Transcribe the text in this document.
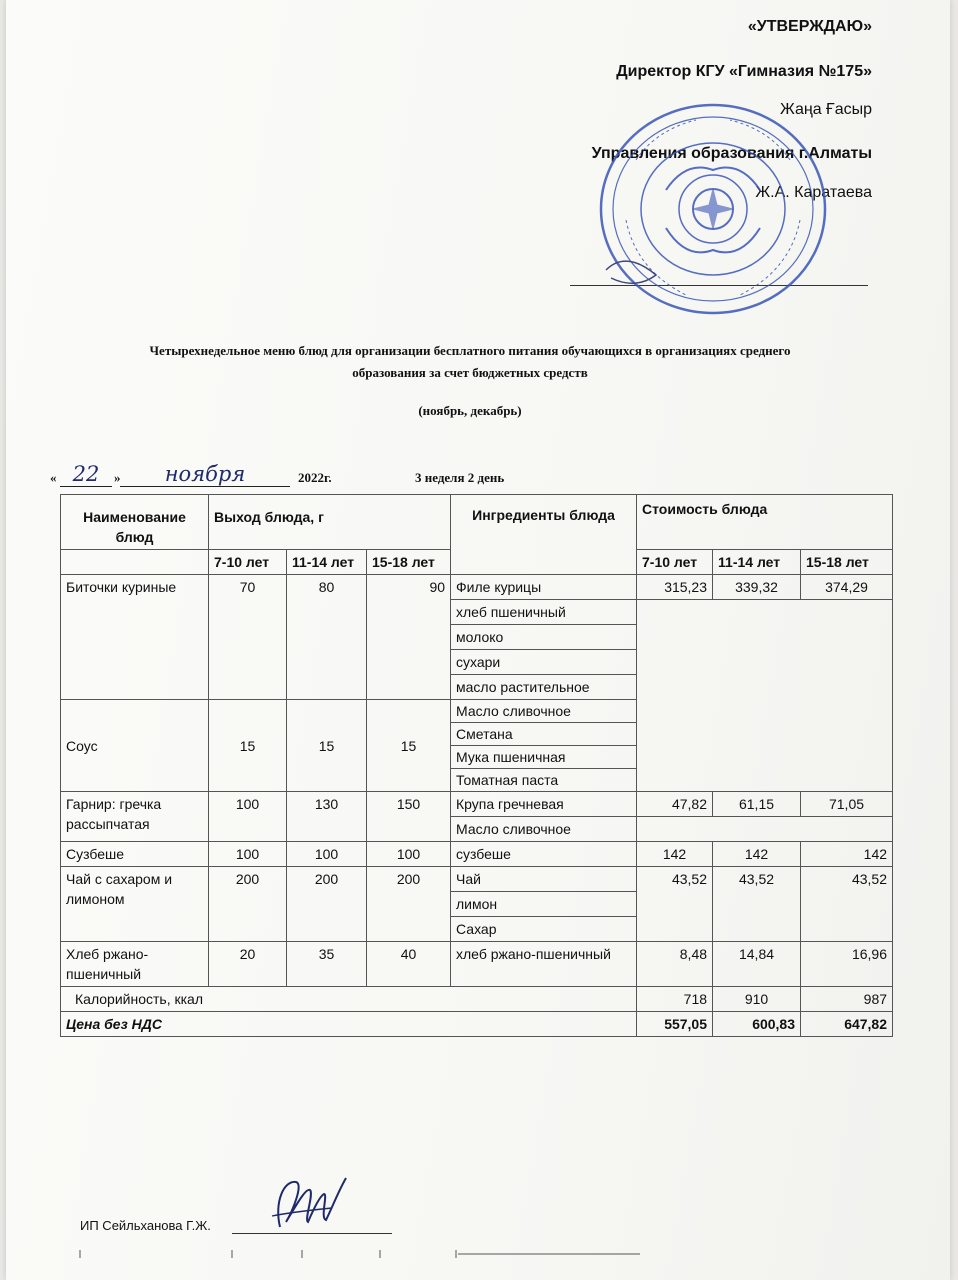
«УТВЕРЖДАЮ»
Директор КГУ «Гимназия №175»
Жаңа Ғасыр
Управления образования г.Алматы
Ж.А. Каратаева
Четырехнедельное меню блюд для организации бесплатного питания обучающихся в организациях среднего
образования за счет бюджетных средств
(ноябрь, декабрь)
« 22	»	ноября	2022г.	3 неделя 2 день
Наименование блюд	Выход блюда, г			Ингредиенты блюда	Стоимость блюда		
	7-10 лет	11-14 лет	15-18 лет		7-10 лет	11-14 лет	15-18 лет
Биточки куриные	70	80	90	Филе курицы	315,23	339,32	374,29
				хлеб пшеничный			
				молоко			
				сухари			
				масло растительное			
Соус	15	15	15	Масло сливочное			
				Сметана			
				Мука пшеничная			
				Томатная паста			
Гарнир: гречка рассыпчатая	100	130	150	Крупа гречневая	47,82	61,15	71,05
				Масло сливочное			
Сузбеше	100	100	100	сузбеше	142	142	142
Чай с сахаром и лимоном	200	200	200	Чай	43,52	43,52	43,52
				лимон			
				Сахар			
Хлеб ржано-пшеничный	20	35	40	хлеб ржано-пшеничный	8,48	14,84	16,96
Калорийность, ккал					718	910	987
Цена без НДС					557,05	600,83	647,82
ИП Сейльханова Г.Ж.
